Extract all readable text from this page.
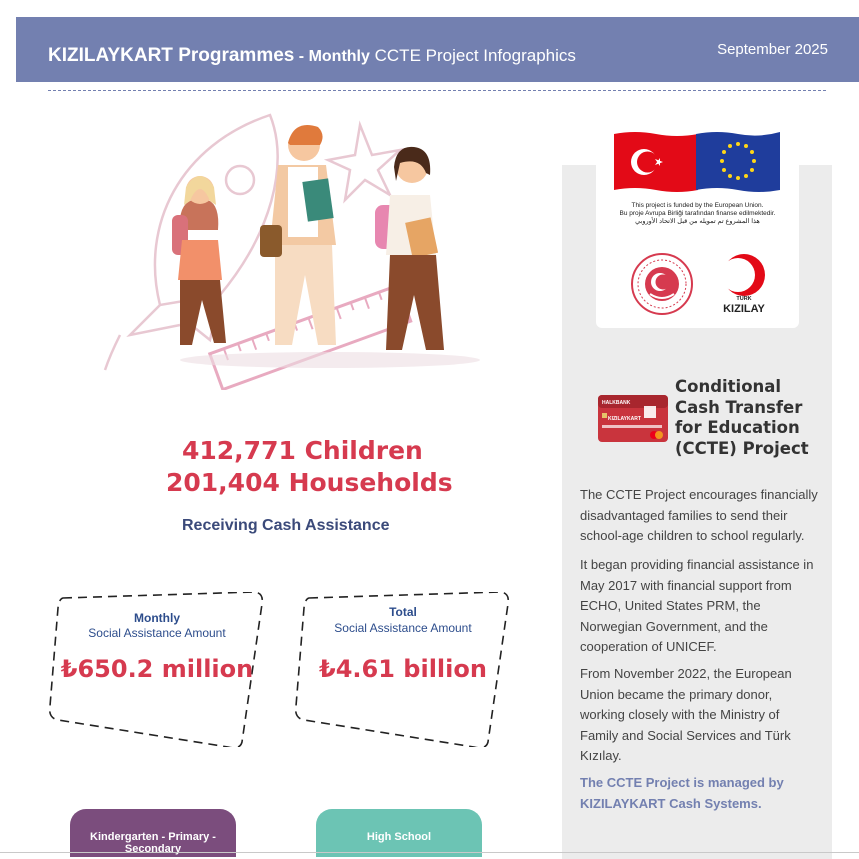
KIZILAYKART Programmes - Monthly CCTE Project Infographics	September 2025
412,771 Children
201,404 Households
Receiving Cash Assistance
Monthly
Social Assistance Amount
₺650.2 million
Total
Social Assistance Amount
₺4.61 billion
Kindergarten - Primary - Secondary
High School
This project is funded by the European Union.
Bu proje Avrupa Birliği tarafından finanse edilmektedir.
هذا المشروع تم تمويله من قبل الاتحاد الأوروبي
TÜRK
KIZILAY
HALKBANK
KIZILAYKART
Conditional Cash Transfer for Education (CCTE) Project
The CCTE Project encourages financially disadvantaged families to send their school-age children to school regularly.
It began providing financial assistance in May 2017 with financial support from ECHO, United States PRM, the Norwegian Government, and the cooperation of UNICEF.
From November 2022, the European Union became the primary donor, working closely with the Ministry of Family and Social Services and Türk Kızılay.
The CCTE Project is managed by KIZILAYKART Cash Systems.
